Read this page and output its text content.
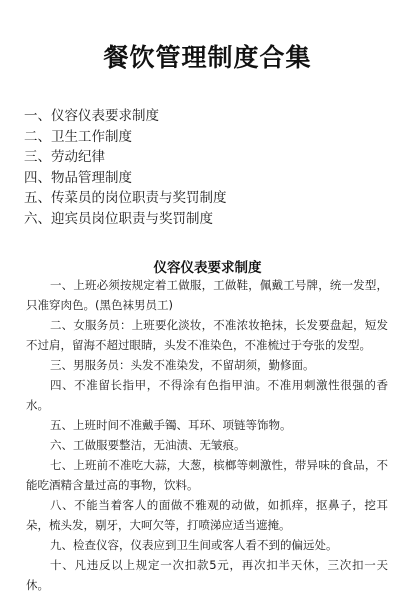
餐饮管理制度合集
一、仪容仪表要求制度
二、卫生工作制度
三、劳动纪律
四、物品管理制度
五、传菜员的岗位职责与奖罚制度
六、迎宾员岗位职责与奖罚制度
仪容仪表要求制度

一、上班必须按规定着工做服，工做鞋，佩戴工号牌，统一发型，只准穿肉色。(黑色袜男员工)

二、女服务员：上班要化淡妆，不准浓妆艳抹，长发要盘起，短发不过肩，留海不超过眼睛，头发不准染色，不准梳过于夸张的发型。

三、男服务员：头发不准染发，不留胡须，勤修面。

四、不准留长指甲，不得涂有色指甲油。不准用刺激性很强的香水。

五、上班时间不准戴手镯、耳环、项链等饰物。

六、工做服要整洁，无油渍、无皱痕。

七、上班前不准吃大蒜，大葱，槟榔等刺激性，带异味的食品，不能吃酒精含量过高的事物，饮料。

八、不能当着客人的面做不雅观的动做，如抓痒，抠鼻子，挖耳朵，梳头发，剔牙，大呵欠等，打喷涕应适当遮掩。

九、检查仪容，仪表应到卫生间或客人看不到的偏远处。

十、凡违反以上规定一次扣款5元，再次扣半天休，三次扣一天休。
